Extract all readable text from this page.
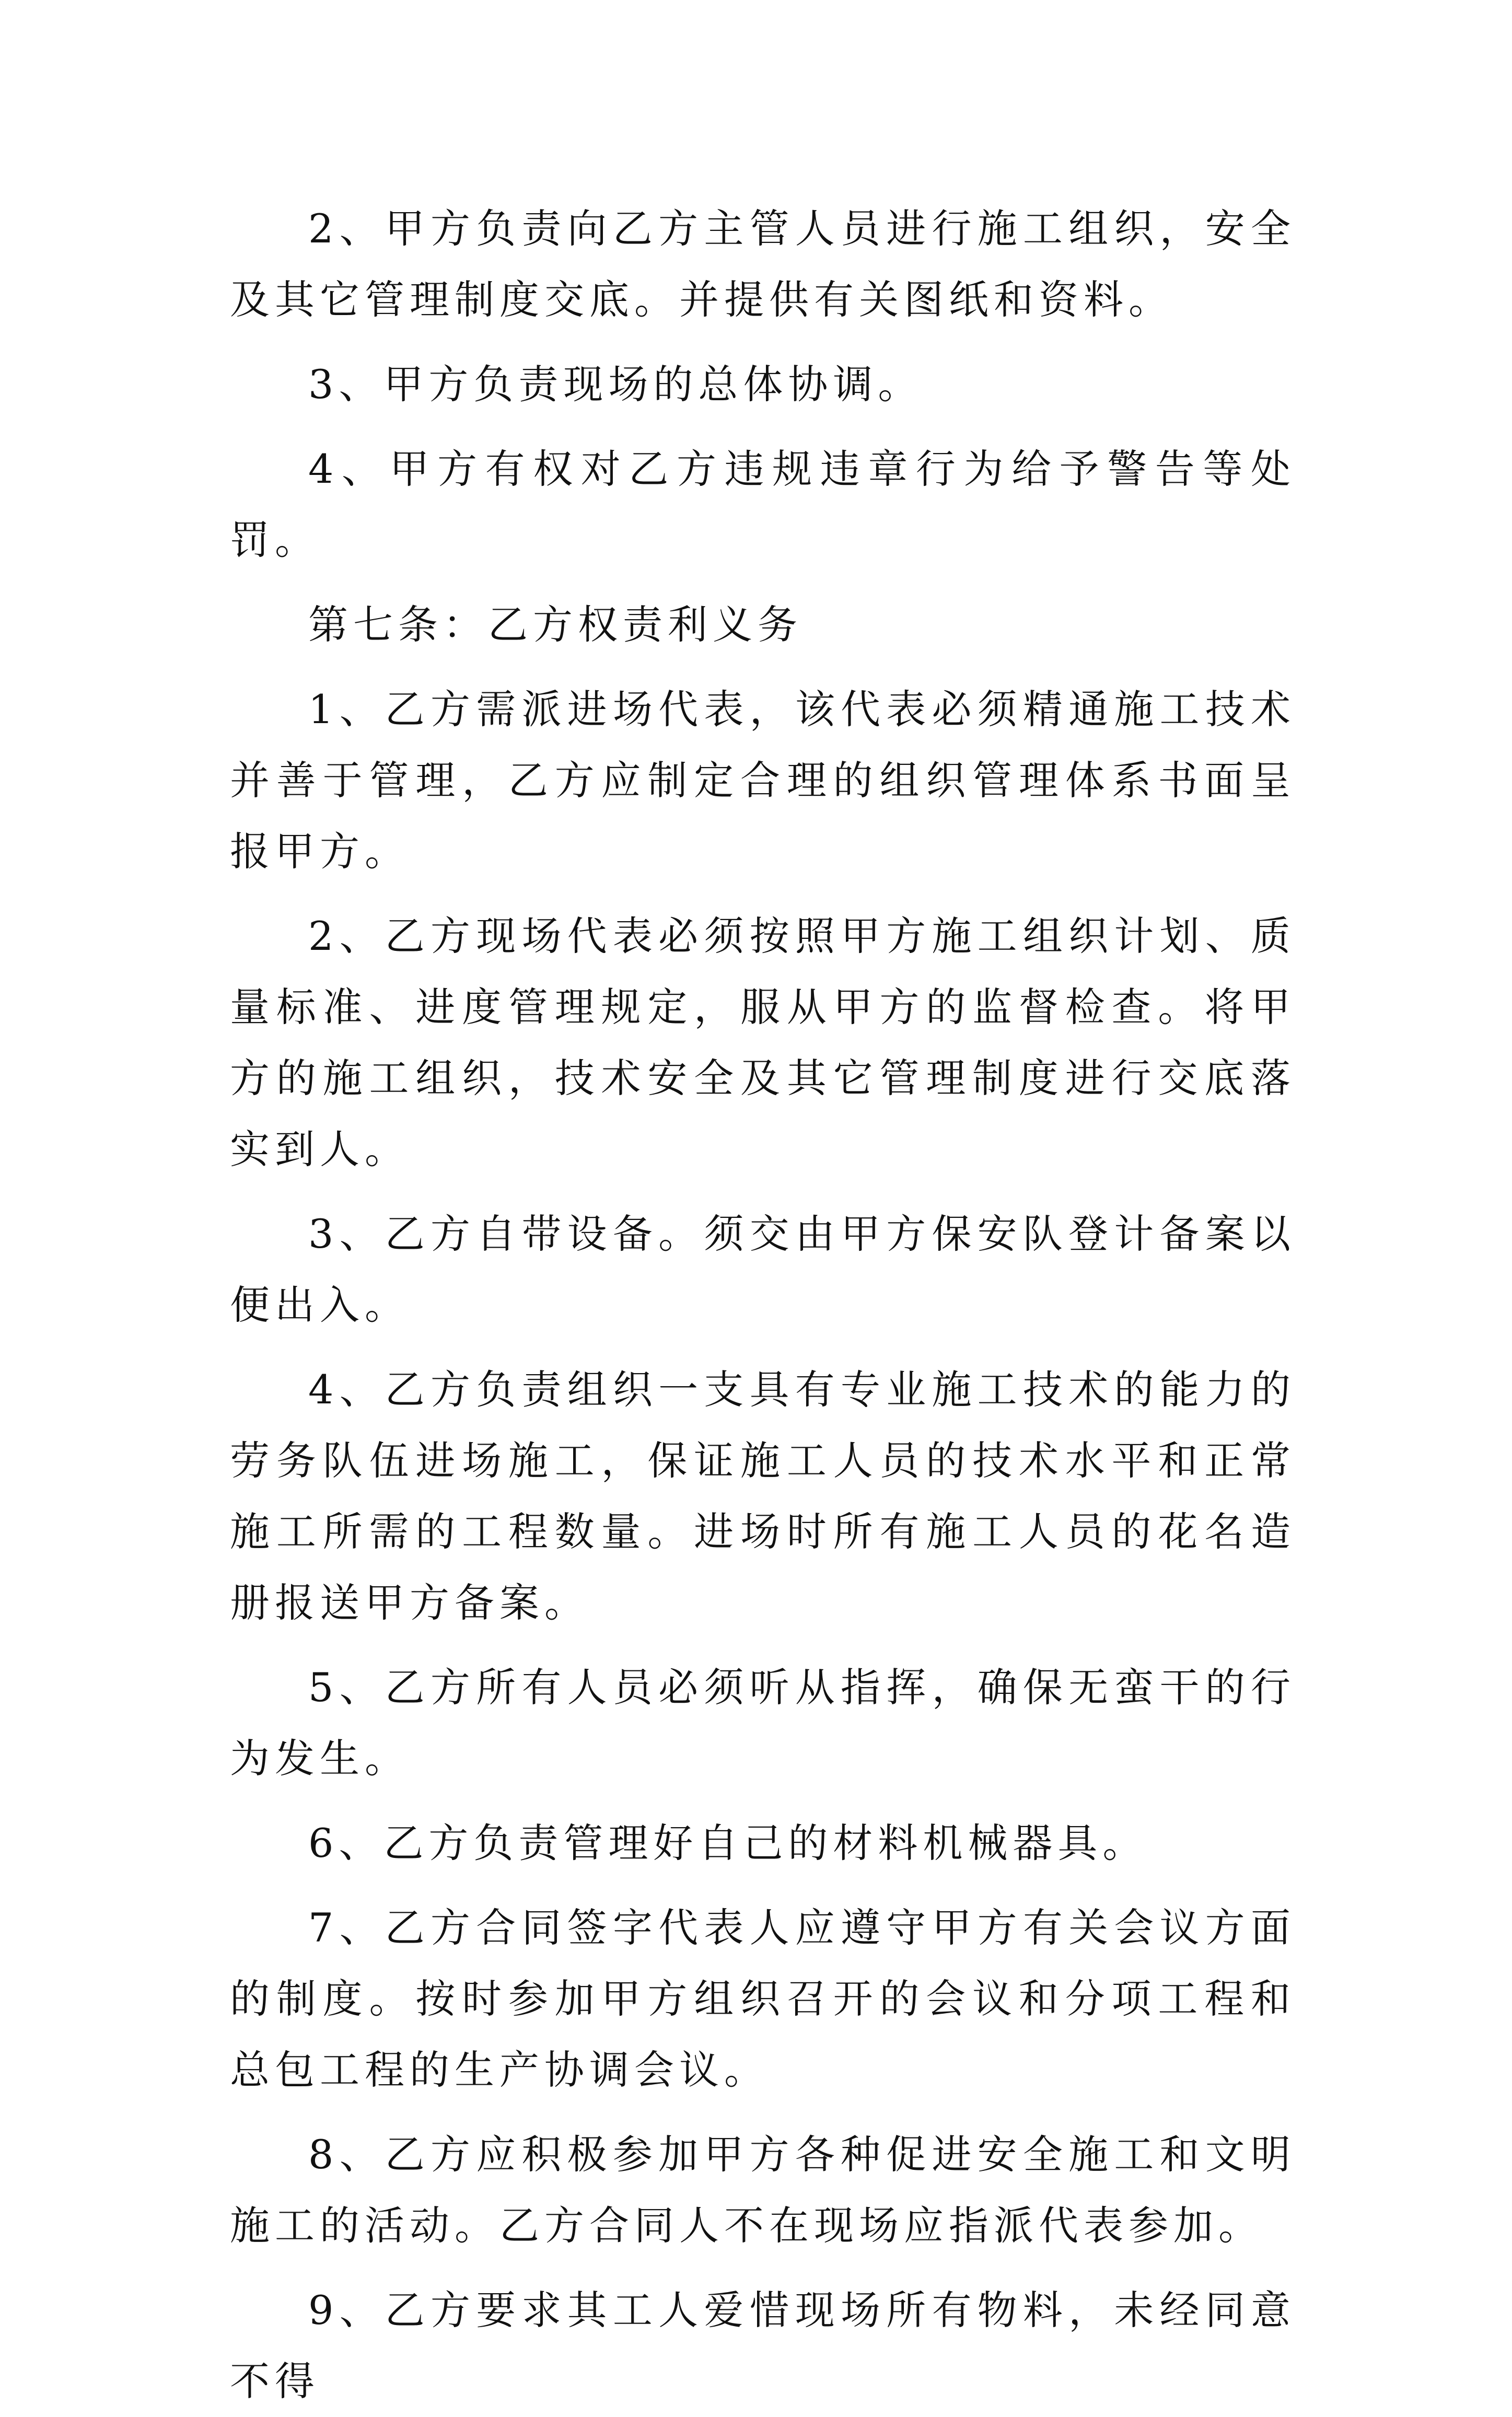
2、甲方负责向乙方主管人员进行施工组织，安全及其它管理制度交底。并提供有关图纸和资料。

3、甲方负责现场的总体协调。

4、甲方有权对乙方违规违章行为给予警告等处罚。

第七条：乙方权责利义务

1、乙方需派进场代表，该代表必须精通施工技术并善于管理，乙方应制定合理的组织管理体系书面呈报甲方。

2、乙方现场代表必须按照甲方施工组织计划、质量标准、进度管理规定，服从甲方的监督检查。将甲方的施工组织，技术安全及其它管理制度进行交底落实到人。

3、乙方自带设备。须交由甲方保安队登计备案以便出入。

4、乙方负责组织一支具有专业施工技术的能力的劳务队伍进场施工，保证施工人员的技术水平和正常施工所需的工程数量。进场时所有施工人员的花名造册报送甲方备案。

5、乙方所有人员必须听从指挥，确保无蛮干的行为发生。

6、乙方负责管理好自己的材料机械器具。

7、乙方合同签字代表人应遵守甲方有关会议方面的制度。按时参加甲方组织召开的会议和分项工程和总包工程的生产协调会议。

8、乙方应积极参加甲方各种促进安全施工和文明施工的活动。乙方合同人不在现场应指派代表参加。

9、乙方要求其工人爱惜现场所有物料，未经同意不得
